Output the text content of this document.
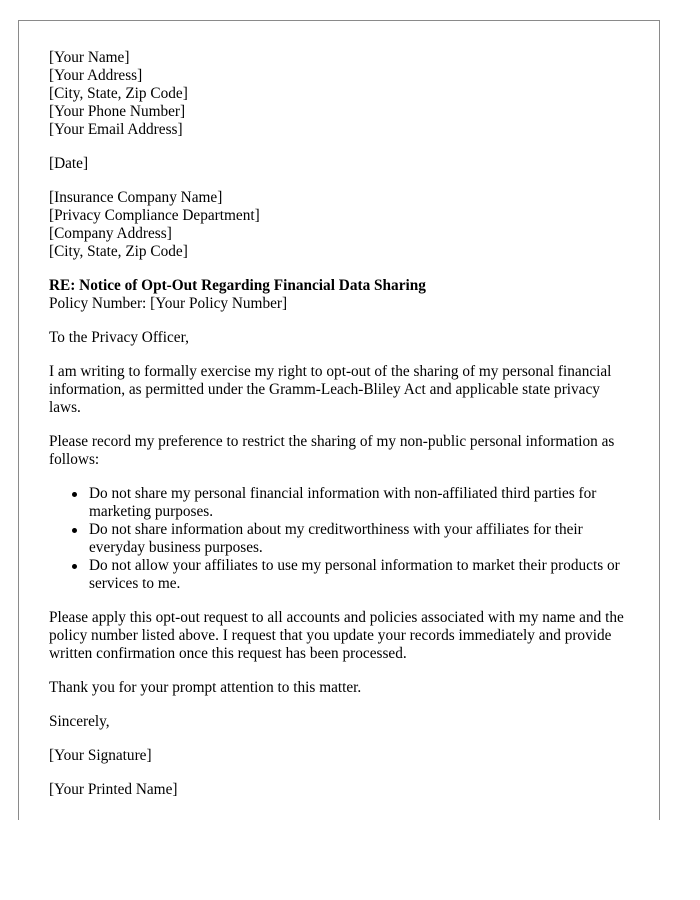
[Your Name]
[Your Address]
[City, State, Zip Code]
[Your Phone Number]
[Your Email Address]
[Date]
[Insurance Company Name]
[Privacy Compliance Department]
[Company Address]
[City, State, Zip Code]
RE: Notice of Opt-Out Regarding Financial Data Sharing
Policy Number: [Your Policy Number]

To the Privacy Officer,

I am writing to formally exercise my right to opt-out of the sharing of my personal financial information, as permitted under the Gramm-Leach-Bliley Act and applicable state privacy laws.

Please record my preference to restrict the sharing of my non-public personal information as follows:

Do not share my personal financial information with non-affiliated third parties for marketing purposes.
Do not share information about my creditworthiness with your affiliates for their everyday business purposes.
Do not allow your affiliates to use my personal information to market their products or services to me.

Please apply this opt-out request to all accounts and policies associated with my name and the policy number listed above. I request that you update your records immediately and provide written confirmation once this request has been processed.

Thank you for your prompt attention to this matter.

Sincerely,

[Your Signature]

[Your Printed Name]
